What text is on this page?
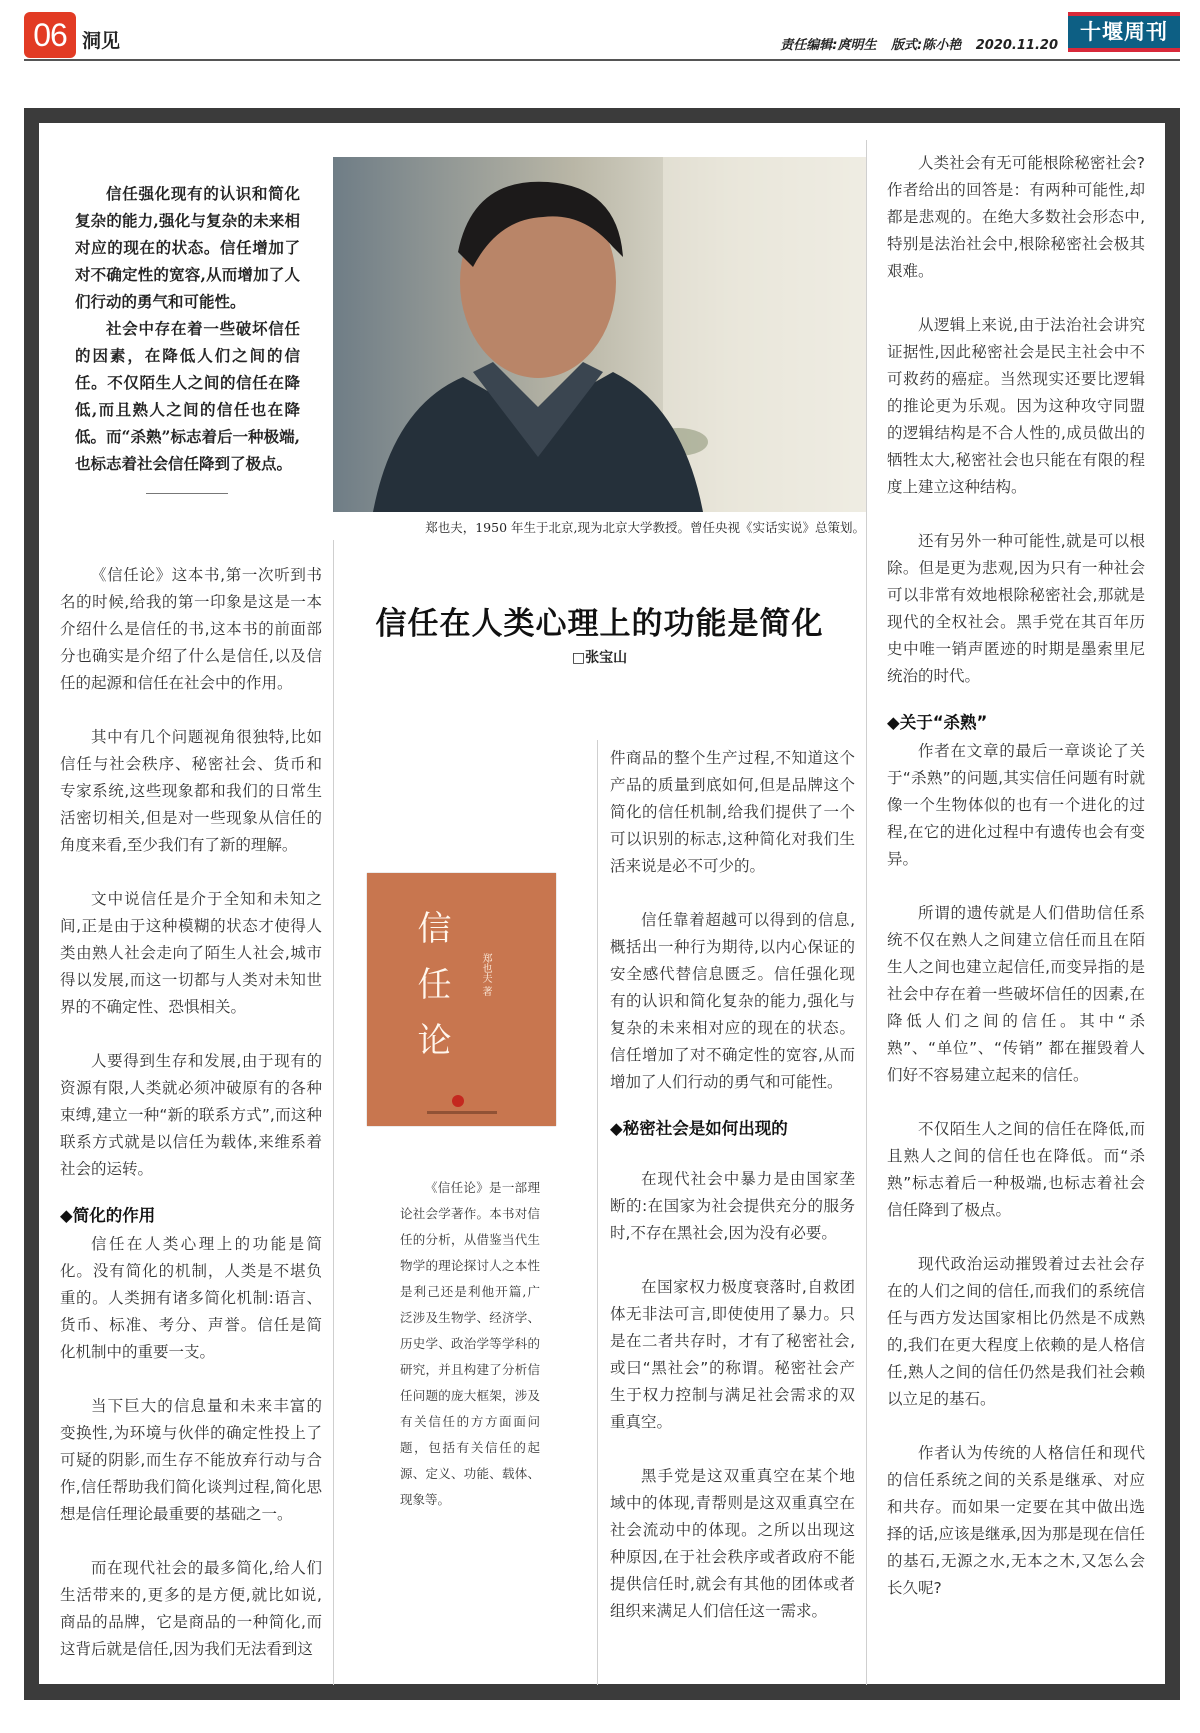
06 洞见	责任编辑:庹明生 版式:陈小艳 2020.11.20
十堰周刊

信任强化现有的认识和简化复杂的能力,强化与复杂的未来相对应的现在的状态。信任增加了对不确定性的宽容,从而增加了人们行动的勇气和可能性。

社会中存在着一些破坏信任的因素，在降低人们之间的信任。不仅陌生人之间的信任在降低,而且熟人之间的信任也在降低。而“杀熟”标志着后一种极端,也标志着社会信任降到了极点。

郑也夫，1950 年生于北京,现为北京大学教授。曾任央视《实话实说》总策划。
信任在人类心理上的功能是简化
□张宝山
信任论
郑也夫 著

《信任论》是一部理论社会学著作。本书对信任的分析，从借鉴当代生物学的理论探讨人之本性是利己还是利他开篇,广泛涉及生物学、经济学、历史学、政治学等学科的研究，并且构建了分析信任问题的庞大框架，涉及有关信任的方方面面问题，包括有关信任的起源、定义、功能、载体、现象等。

《信任论》这本书,第一次听到书名的时候,给我的第一印象是这是一本介绍什么是信任的书,这本书的前面部分也确实是介绍了什么是信任,以及信任的起源和信任在社会中的作用。

其中有几个问题视角很独特,比如信任与社会秩序、秘密社会、货币和专家系统,这些现象都和我们的日常生活密切相关,但是对一些现象从信任的角度来看,至少我们有了新的理解。

文中说信任是介于全知和未知之间,正是由于这种模糊的状态才使得人类由熟人社会走向了陌生人社会,城市得以发展,而这一切都与人类对未知世界的不确定性、恐惧相关。

人要得到生存和发展,由于现有的资源有限,人类就必须冲破原有的各种束缚,建立一种“新的联系方式”,而这种联系方式就是以信任为载体,来维系着社会的运转。

◆简化的作用

信任在人类心理上的功能是简化。没有简化的机制，人类是不堪负重的。人类拥有诸多简化机制:语言、货币、标准、考分、声誉。信任是简化机制中的重要一支。

当下巨大的信息量和未来丰富的变换性,为环境与伙伴的确定性投上了可疑的阴影,而生存不能放弃行动与合作,信任帮助我们简化谈判过程,简化思想是信任理论最重要的基础之一。

而在现代社会的最多简化,给人们生活带来的,更多的是方便,就比如说,商品的品牌，它是商品的一种简化,而这背后就是信任,因为我们无法看到这

件商品的整个生产过程,不知道这个产品的质量到底如何,但是品牌这个简化的信任机制,给我们提供了一个可以识别的标志,这种简化对我们生活来说是必不可少的。

信任靠着超越可以得到的信息,概括出一种行为期待,以内心保证的安全感代替信息匮乏。信任强化现有的认识和简化复杂的能力,强化与复杂的未来相对应的现在的状态。信任增加了对不确定性的宽容,从而增加了人们行动的勇气和可能性。

◆秘密社会是如何出现的

在现代社会中暴力是由国家垄断的:在国家为社会提供充分的服务时,不存在黑社会,因为没有必要。

在国家权力极度衰落时,自救团体无非法可言,即使使用了暴力。只是在二者共存时，才有了秘密社会,或曰“黑社会”的称谓。秘密社会产生于权力控制与满足社会需求的双重真空。

黑手党是这双重真空在某个地域中的体现,青帮则是这双重真空在社会流动中的体现。之所以出现这种原因,在于社会秩序或者政府不能提供信任时,就会有其他的团体或者组织来满足人们信任这一需求。

人类社会有无可能根除秘密社会?作者给出的回答是：有两种可能性,却都是悲观的。在绝大多数社会形态中,特别是法治社会中,根除秘密社会极其艰难。

从逻辑上来说,由于法治社会讲究证据性,因此秘密社会是民主社会中不可救药的癌症。当然现实还要比逻辑的推论更为乐观。因为这种攻守同盟的逻辑结构是不合人性的,成员做出的牺牲太大,秘密社会也只能在有限的程度上建立这种结构。

还有另外一种可能性,就是可以根除。但是更为悲观,因为只有一种社会可以非常有效地根除秘密社会,那就是现代的全权社会。黑手党在其百年历史中唯一销声匿迹的时期是墨索里尼统治的时代。

◆关于“杀熟”

作者在文章的最后一章谈论了关于“杀熟”的问题,其实信任问题有时就像一个生物体似的也有一个进化的过程,在它的进化过程中有遗传也会有变异。

所谓的遗传就是人们借助信任系统不仅在熟人之间建立信任而且在陌生人之间也建立起信任,而变异指的是社会中存在着一些破坏信任的因素,在降低人们之间的信任。其中“杀熟”、“单位”、“传销” 都在摧毁着人们好不容易建立起来的信任。

不仅陌生人之间的信任在降低,而且熟人之间的信任也在降低。而“杀熟”标志着后一种极端,也标志着社会信任降到了极点。

现代政治运动摧毁着过去社会存在的人们之间的信任,而我们的系统信任与西方发达国家相比仍然是不成熟的,我们在更大程度上依赖的是人格信任,熟人之间的信任仍然是我们社会赖以立足的基石。

作者认为传统的人格信任和现代的信任系统之间的关系是继承、对应和共存。而如果一定要在其中做出选择的话,应该是继承,因为那是现在信任的基石,无源之水,无本之木,又怎么会长久呢?
